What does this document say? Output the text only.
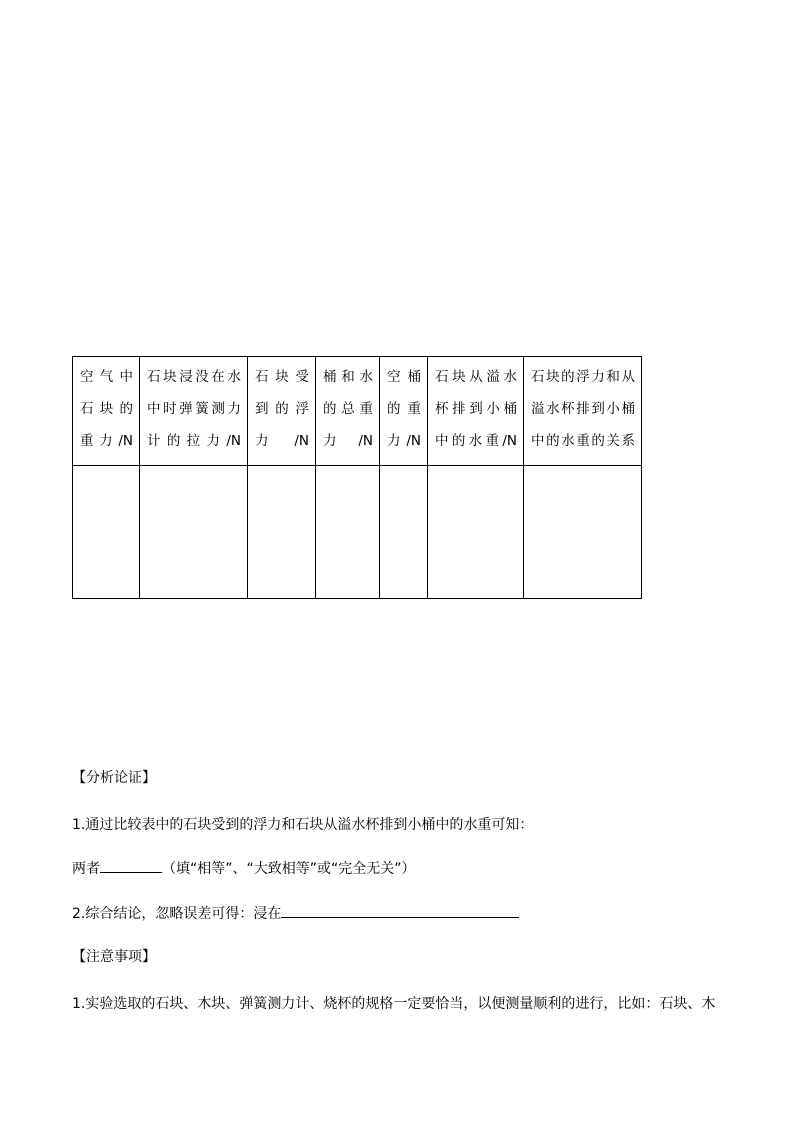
空 气 中
石 块 的
重力/N	石块浸没在水
中时弹簧测力
计的拉力/N	石 块 受
到 的 浮
力/N	桶和水
的总重
力/N	空 桶
的 重
力/N	石块从溢水
杯排到小桶
中的水重/N	石块的浮力和从
溢水杯排到小桶
中的水重的关系

【分析论证】
1.通过比较表中的石块受到的浮力和石块从溢水杯排到小桶中的水重可知：
两者	（填“相等”、“大致相等”或“完全无关”）
2.综合结论，忽略误差可得：浸在
【注意事项】
1.实验选取的石块、木块、弹簧测力计、烧杯的规格一定要恰当，以便测量顺利的进行，比如：石块、木
